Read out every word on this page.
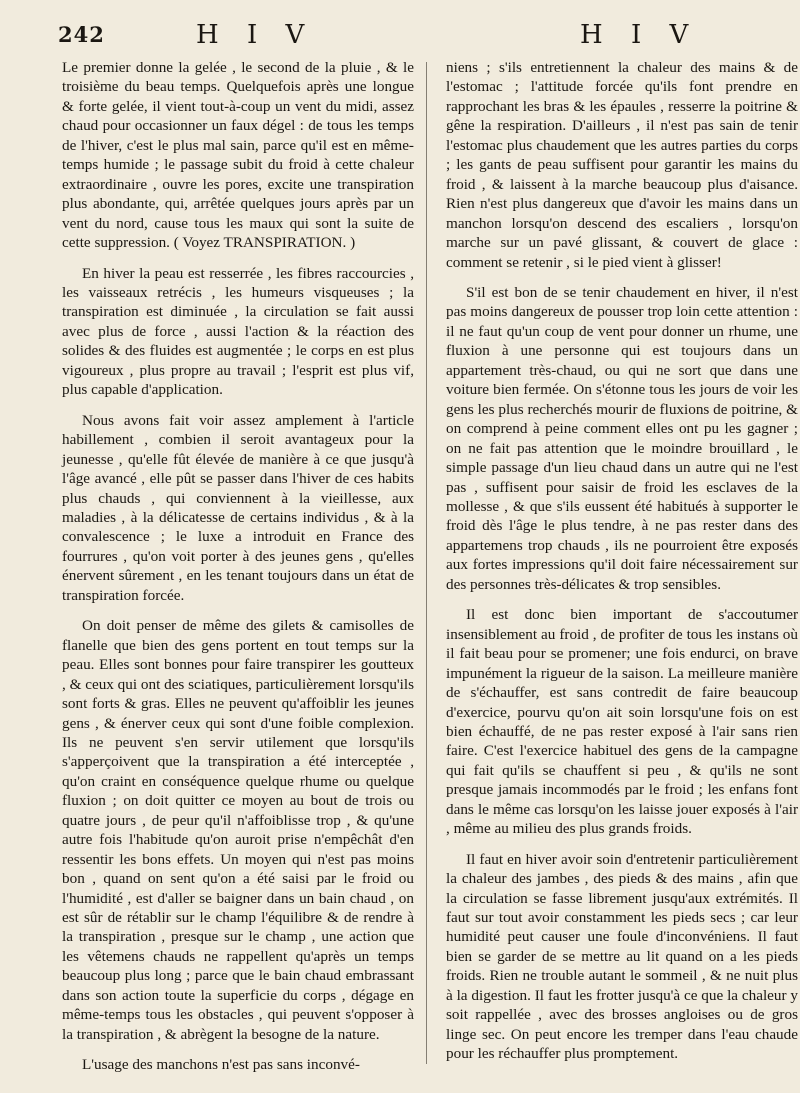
242	H I V	H I V

Le premier donne la gelée , le second de la pluie , & le troisième du beau temps. Quelquefois après une longue & forte gelée, il vient tout-à-coup un vent du midi, assez chaud pour occasionner un faux dégel : de tous les temps de l'hiver, c'est le plus mal sain, parce qu'il est en même-temps humide ; le passage subit du froid à cette chaleur extraordinaire , ouvre les pores, excite une transpiration plus abondante, qui, arrêtée quelques jours après par un vent du nord, cause tous les maux qui sont la suite de cette suppression. ( Voyez TRANSPIRATION. )

En hiver la peau est resserrée , les fibres raccourcies , les vaisseaux retrécis , les humeurs visqueuses ; la transpiration est diminuée , la circulation se fait aussi avec plus de force , aussi l'action & la réaction des solides & des fluides est augmentée ; le corps en est plus vigoureux , plus propre au travail ; l'esprit est plus vif, plus capable d'application.

Nous avons fait voir assez amplement à l'article habillement , combien il seroit avantageux pour la jeunesse , qu'elle fût élevée de manière à ce que jusqu'à l'âge avancé , elle pût se passer dans l'hiver de ces habits plus chauds , qui conviennent à la vieillesse, aux maladies , à la délicatesse de certains individus , & à la convalescence ; le luxe a introduit en France des fourrures , qu'on voit porter à des jeunes gens , qu'elles énervent sûrement , en les tenant toujours dans un état de transpiration forcée.

On doit penser de même des gilets & camisolles de flanelle que bien des gens portent en tout temps sur la peau. Elles sont bonnes pour faire transpirer les goutteux , & ceux qui ont des sciatiques, particulièrement lorsqu'ils sont forts & gras. Elles ne peuvent qu'affoiblir les jeunes gens , & énerver ceux qui sont d'une foible complexion. Ils ne peuvent s'en servir utilement que lorsqu'ils s'apperçoivent que la transpiration a été interceptée , qu'on craint en conséquence quelque rhume ou quelque fluxion ; on doit quitter ce moyen au bout de trois ou quatre jours , de peur qu'il n'affoiblisse trop , & qu'une autre fois l'habitude qu'on auroit prise n'empêchât d'en ressentir les bons effets. Un moyen qui n'est pas moins bon , quand on sent qu'on a été saisi par le froid ou l'humidité , est d'aller se baigner dans un bain chaud , on est sûr de rétablir sur le champ l'équilibre & de rendre à la transpiration , presque sur le champ , une action que les vêtemens chauds ne rappellent qu'après un temps beaucoup plus long ; parce que le bain chaud embrassant dans son action toute la superficie du corps , dégage en même-temps tous les obstacles , qui peuvent s'opposer à la transpiration , & abrègent la besogne de la nature.

L'usage des manchons n'est pas sans inconvé-

niens ; s'ils entretiennent la chaleur des mains & de l'estomac ; l'attitude forcée qu'ils font prendre en rapprochant les bras & les épaules , resserre la poitrine & gêne la respiration. D'ailleurs , il n'est pas sain de tenir l'estomac plus chaudement que les autres parties du corps ; les gants de peau suffisent pour garantir les mains du froid , & laissent à la marche beaucoup plus d'aisance. Rien n'est plus dangereux que d'avoir les mains dans un manchon lorsqu'on descend des escaliers , lorsqu'on marche sur un pavé glissant, & couvert de glace : comment se retenir , si le pied vient à glisser!

S'il est bon de se tenir chaudement en hiver, il n'est pas moins dangereux de pousser trop loin cette attention : il ne faut qu'un coup de vent pour donner un rhume, une fluxion à une personne qui est toujours dans un appartement très-chaud, ou qui ne sort que dans une voiture bien fermée. On s'étonne tous les jours de voir les gens les plus recherchés mourir de fluxions de poitrine, & on comprend à peine comment elles ont pu les gagner ; on ne fait pas attention que le moindre brouillard , le simple passage d'un lieu chaud dans un autre qui ne l'est pas , suffisent pour saisir de froid les esclaves de la mollesse , & que s'ils eussent été habitués à supporter le froid dès l'âge le plus tendre, à ne pas rester dans des appartemens trop chauds , ils ne pourroient être exposés aux fortes impressions qu'il doit faire nécessairement sur des personnes très-délicates & trop sensibles.

Il est donc bien important de s'accoutumer insensiblement au froid , de profiter de tous les instans où il fait beau pour se promener; une fois endurci, on brave impunément la rigueur de la saison. La meilleure manière de s'échauffer, est sans contredit de faire beaucoup d'exercice, pourvu qu'on ait soin lorsqu'une fois on est bien échauffé, de ne pas rester exposé à l'air sans rien faire. C'est l'exercice habituel des gens de la campagne qui fait qu'ils se chauffent si peu , & qu'ils ne sont presque jamais incommodés par le froid ; les enfans font dans le même cas lorsqu'on les laisse jouer exposés à l'air , même au milieu des plus grands froids.

Il faut en hiver avoir soin d'entretenir particulièrement la chaleur des jambes , des pieds & des mains , afin que la circulation se fasse librement jusqu'aux extrémités. Il faut sur tout avoir constamment les pieds secs ; car leur humidité peut causer une foule d'inconvéniens. Il faut bien se garder de se mettre au lit quand on a les pieds froids. Rien ne trouble autant le sommeil , & ne nuit plus à la digestion. Il faut les frotter jusqu'à ce que la chaleur y soit rappellée , avec des brosses angloises ou de gros linge sec. On peut encore les tremper dans l'eau chaude pour les réchauffer plus promptement.
